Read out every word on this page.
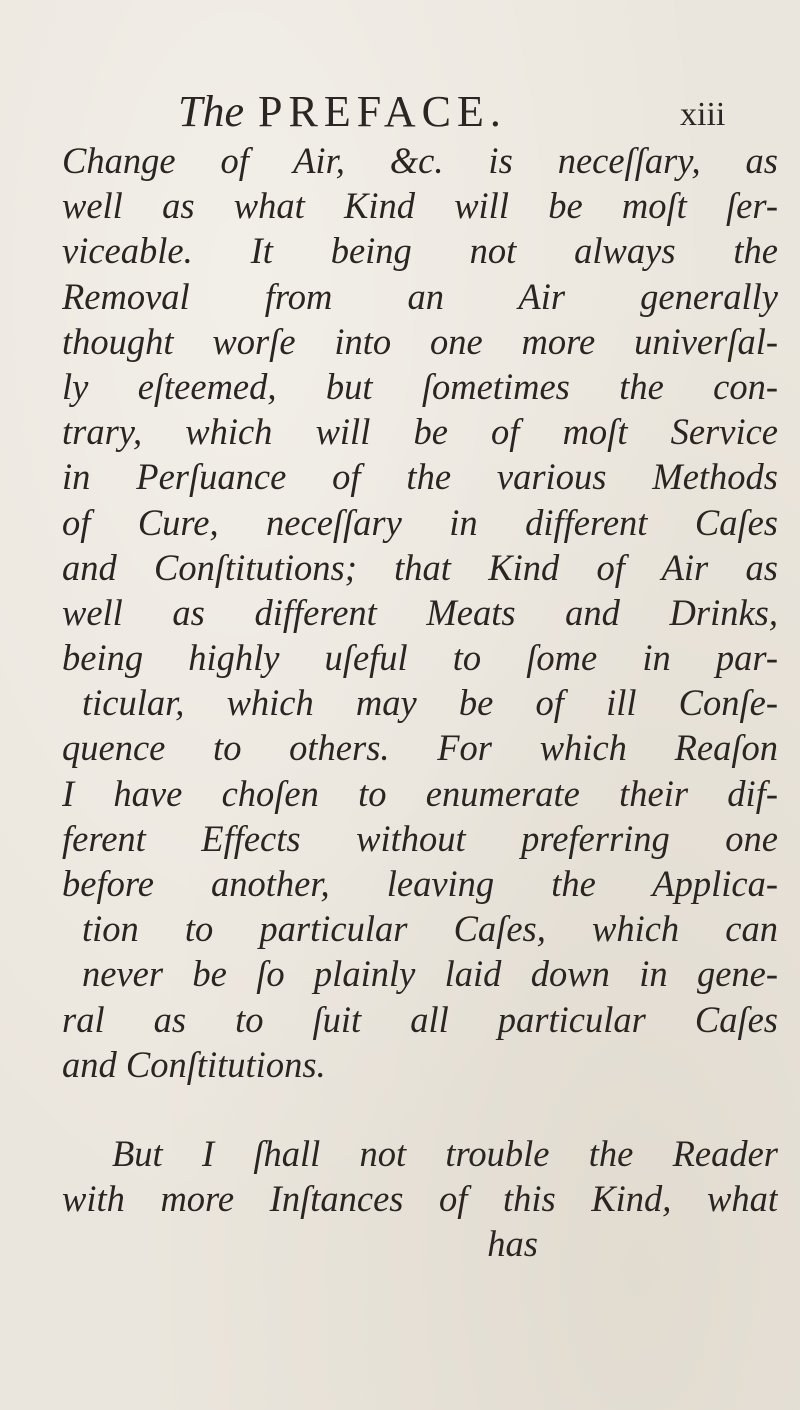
The PREFACE.	xiii
Change of Air, &c. is neceſſary, as
well as what Kind will be moſt ſer-
viceable. It being not always the
Removal from an Air generally
thought worſe into one more univerſal-
ly eſteemed, but ſometimes the con-
trary, which will be of moſt Service
in Perſuance of the various Methods
of Cure, neceſſary in different Caſes
and Conſtitutions; that Kind of Air as
well as different Meats and Drinks,
being highly uſeful to ſome in par-
ticular, which may be of ill Conſe-
quence to others. For which Reaſon
I have choſen to enumerate their dif-
ferent Effects without preferring one
before another, leaving the Applica-
tion to particular Caſes, which can
never be ſo plainly laid down in gene-
ral as to ſuit all particular Caſes
and Conſtitutions.
But I ſhall not trouble the Reader
with more Inſtances of this Kind, what
has
